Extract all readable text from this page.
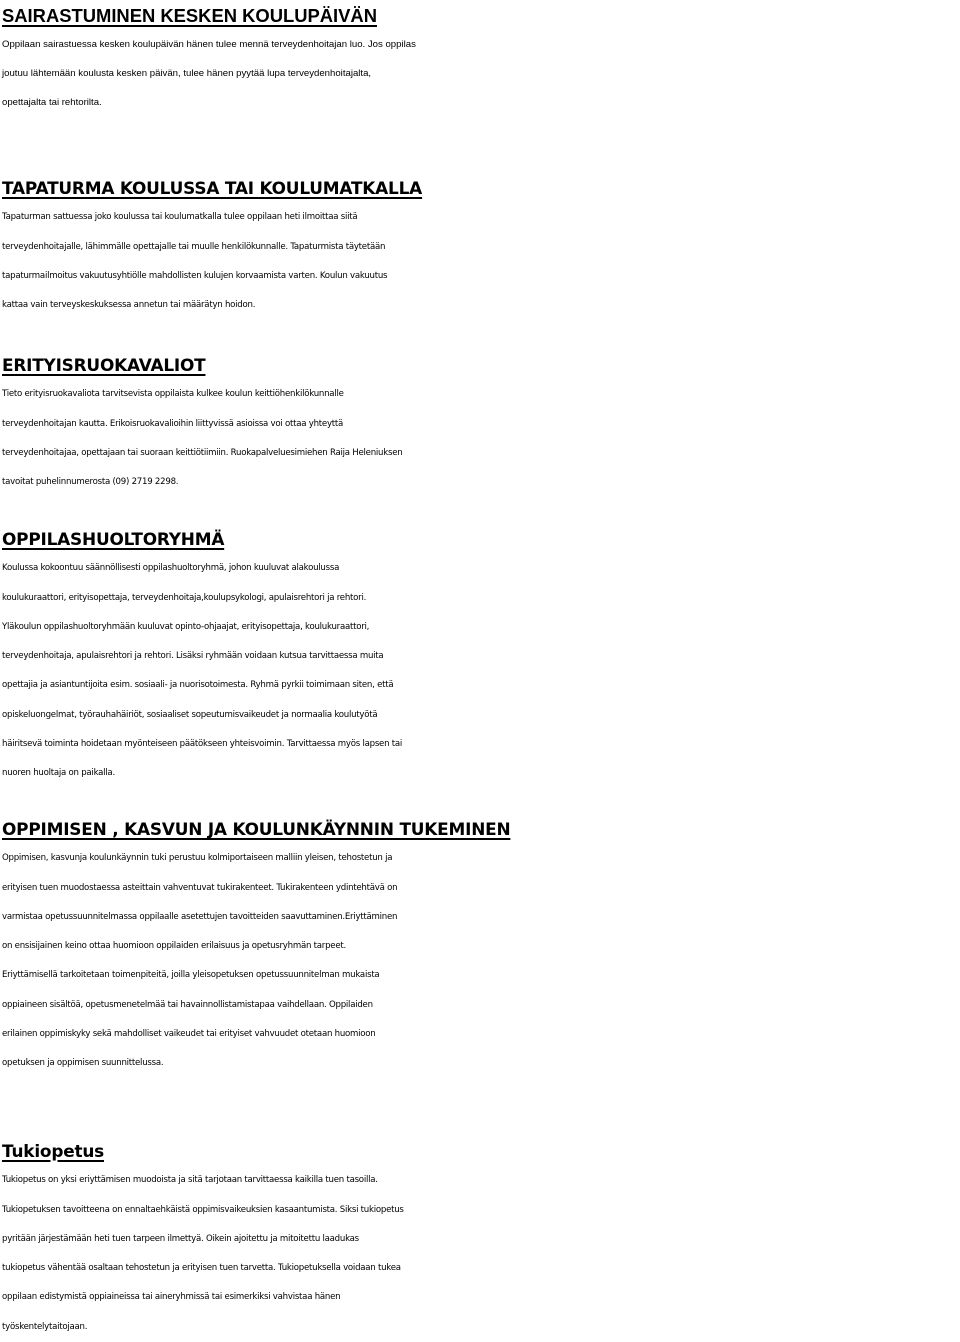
SAIRASTUMINEN KESKEN KOULUPÄIVÄN

Oppilaan sairastuessa kesken koulupäivän hänen tulee mennä terveydenhoitajan luo. Jos oppilas
joutuu lähtemään koulusta kesken päivän, tulee hänen pyytää lupa terveydenhoitajalta,
opettajalta tai rehtorilta.

TAPATURMA KOULUSSA TAI KOULUMATKALLA

Tapaturman sattuessa joko koulussa tai koulumatkalla tulee oppilaan heti ilmoittaa siitä
terveydenhoitajalle, lähimmälle opettajalle tai muulle henkilökunnalle. Tapaturmista täytetään
tapaturmailmoitus vakuutusyhtiölle mahdollisten kulujen korvaamista varten. Koulun vakuutus
kattaa vain terveyskeskuksessa annetun tai määrätyn hoidon.

ERITYISRUOKAVALIOT

Tieto erityisruokavaliota tarvitsevista oppilaista kulkee koulun keittiöhenkilökunnalle
terveydenhoitajan kautta. Erikoisruokavalioihin liittyvissä asioissa voi ottaa yhteyttä
terveydenhoitajaa, opettajaan tai suoraan keittiötiimiin. Ruokapalveluesimiehen Raija Heleniuksen
tavoitat puhelinnumerosta (09) 2719 2298.

OPPILASHUOLTORYHMÄ

Koulussa kokoontuu säännöllisesti oppilashuoltoryhmä, johon kuuluvat alakoulussa
koulukuraattori, erityisopettaja, terveydenhoitaja,koulupsykologi, apulaisrehtori ja rehtori.
Yläkoulun oppilashuoltoryhmään kuuluvat opinto-ohjaajat, erityisopettaja, koulukuraattori,
terveydenhoitaja, apulaisrehtori ja rehtori. Lisäksi ryhmään voidaan kutsua tarvittaessa muita
opettajia ja asiantuntijoita esim. sosiaali- ja nuorisotoimesta. Ryhmä pyrkii toimimaan siten, että
opiskeluongelmat, työrauhahäiriöt, sosiaaliset sopeutumisvaikeudet ja normaalia koulutyötä
häiritsevä toiminta hoidetaan myönteiseen päätökseen yhteisvoimin. Tarvittaessa myös lapsen tai
nuoren huoltaja on paikalla.

OPPIMISEN , KASVUN JA KOULUNKÄYNNIN TUKEMINEN

Oppimisen, kasvunja koulunkäynnin tuki perustuu kolmiportaiseen malliin yleisen, tehostetun ja
erityisen tuen muodostaessa asteittain vahventuvat tukirakenteet. Tukirakenteen ydintehtävä on
varmistaa opetussuunnitelmassa oppilaalle asetettujen tavoitteiden saavuttaminen.Eriyttäminen
on ensisijainen keino ottaa huomioon oppilaiden erilaisuus ja opetusryhmän tarpeet.
Eriyttämisellä tarkoitetaan toimenpiteitä, joilla yleisopetuksen opetussuunnitelman mukaista
oppiaineen sisältöä, opetusmenetelmää tai havainnollistamistapaa vaihdellaan. Oppilaiden
erilainen oppimiskyky sekä mahdolliset vaikeudet tai erityiset vahvuudet otetaan huomioon
opetuksen ja oppimisen suunnittelussa.

Tukiopetus

Tukiopetus on yksi eriyttämisen muodoista ja sitä tarjotaan tarvittaessa kaikilla tuen tasoilla.
Tukiopetuksen tavoitteena on ennaltaehkäistä oppimisvaikeuksien kasaantumista. Siksi tukiopetus
pyritään järjestämään heti tuen tarpeen ilmettyä. Oikein ajoitettu ja mitoitettu laadukas
tukiopetus vähentää osaltaan tehostetun ja erityisen tuen tarvetta. Tukiopetuksella voidaan tukea
oppilaan edistymistä oppiaineissa tai aineryhmissä tai esimerkiksi vahvistaa hänen
työskentelytaitojaan.
